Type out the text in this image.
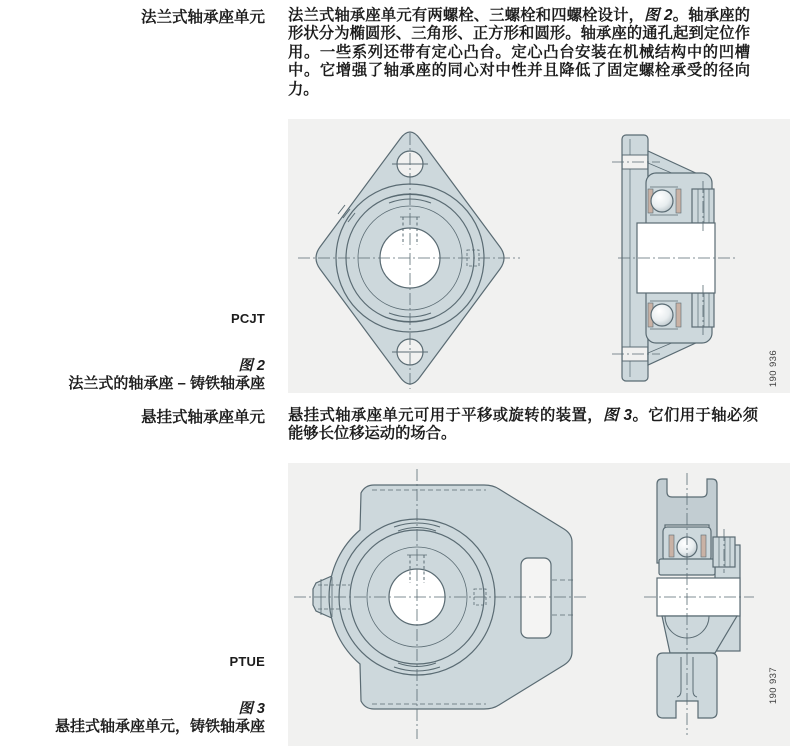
法兰式轴承座单元
PCJT
图 2
法兰式的轴承座 – 铸铁轴承座
悬挂式轴承座单元
PTUE
图 3
悬挂式轴承座单元，铸铁轴承座
法兰式轴承座单元有两螺栓、三螺栓和四螺栓设计，图 2。轴承座的形状分为椭圆形、三角形、正方形和圆形。轴承座的通孔起到定位作用。一些系列还带有定心凸台。定心凸台安装在机械结构中的凹槽中。它增强了轴承座的同心对中性并且降低了固定螺栓承受的径向力。
190 936
悬挂式轴承座单元可用于平移或旋转的装置，图 3。它们用于轴必须能够长位移运动的场合。
190 937
